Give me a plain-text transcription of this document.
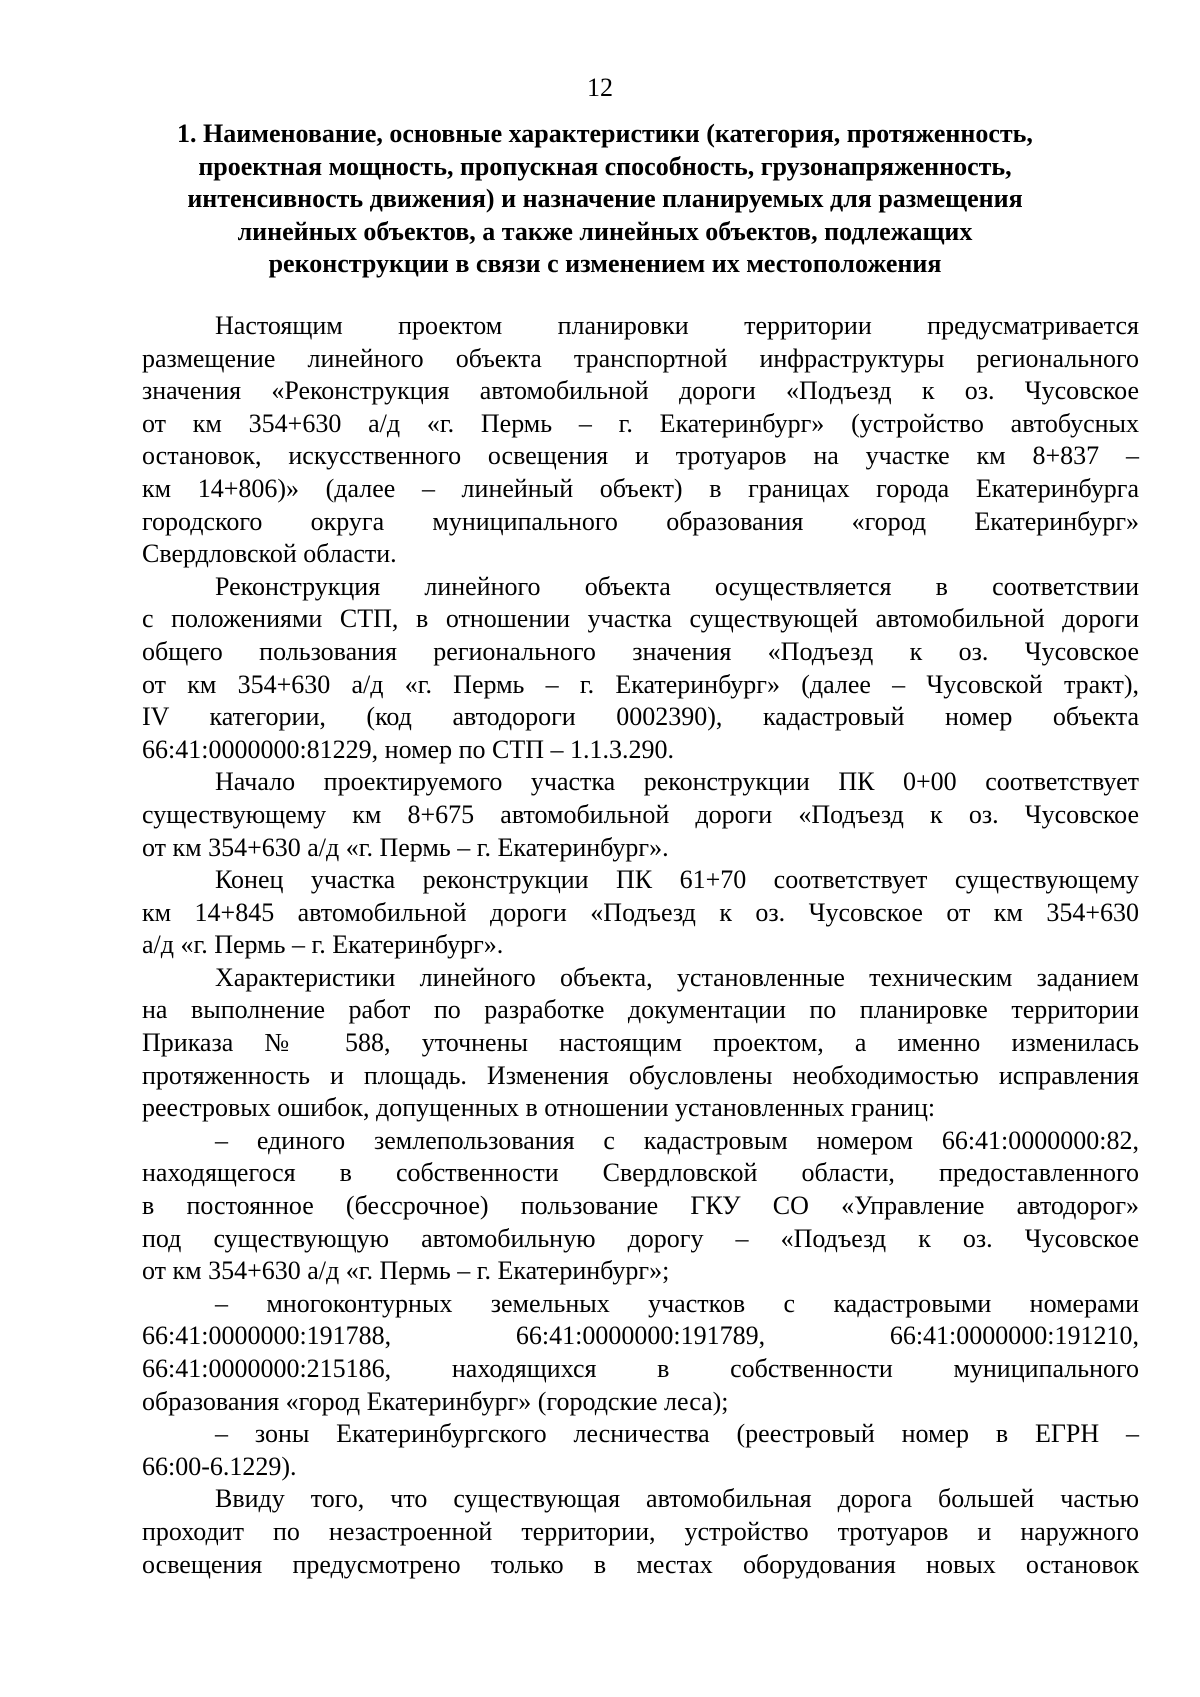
12
1. Наименование, основные характеристики (категория, протяженность,
проектная мощность, пропускная способность, грузонапряженность,
интенсивность движения) и назначение планируемых для размещения
линейных объектов, а также линейных объектов, подлежащих
реконструкции в связи с изменением их местоположения
Настоящим проектом планировки территории предусматривается
размещение линейного объекта транспортной инфраструктуры регионального
значения «Реконструкция автомобильной дороги «Подъезд к оз. Чусовское
от км 354+630 а/д «г. Пермь – г. Екатеринбург» (устройство автобусных
остановок, искусственного освещения и тротуаров на участке км 8+837 –
км 14+806)» (далее – линейный объект) в границах города Екатеринбурга
городского округа муниципального образования «город Екатеринбург»
Свердловской области.
Реконструкция линейного объекта осуществляется в соответствии
с положениями СТП, в отношении участка существующей автомобильной дороги
общего пользования регионального значения «Подъезд к оз. Чусовское
от км 354+630 а/д «г. Пермь – г. Екатеринбург» (далее – Чусовской тракт),
IV категории, (код автодороги 0002390), кадастровый номер объекта
66:41:0000000:81229, номер по СТП – 1.1.3.290.
Начало проектируемого участка реконструкции ПК 0+00 соответствует
существующему км 8+675 автомобильной дороги «Подъезд к оз. Чусовское
от км 354+630 а/д «г. Пермь – г. Екатеринбург».
Конец участка реконструкции ПК 61+70 соответствует существующему
км 14+845 автомобильной дороги «Подъезд к оз. Чусовское от км 354+630
а/д «г. Пермь – г. Екатеринбург».
Характеристики линейного объекта, установленные техническим заданием
на выполнение работ по разработке документации по планировке территории
Приказа № 588, уточнены настоящим проектом, а именно изменилась
протяженность и площадь. Изменения обусловлены необходимостью исправления
реестровых ошибок, допущенных в отношении установленных границ:
– единого землепользования с кадастровым номером 66:41:0000000:82,
находящегося в собственности Свердловской области, предоставленного
в постоянное (бессрочное) пользование ГКУ СО «Управление автодорог»
под существующую автомобильную дорогу – «Подъезд к оз. Чусовское
от км 354+630 а/д «г. Пермь – г. Екатеринбург»;
– многоконтурных земельных участков с кадастровыми номерами
66:41:0000000:191788, 66:41:0000000:191789, 66:41:0000000:191210,
66:41:0000000:215186, находящихся в собственности муниципального
образования «город Екатеринбург» (городские леса);
– зоны Екатеринбургского лесничества (реестровый номер в ЕГРН –
66:00-6.1229).
Ввиду того, что существующая автомобильная дорога большей частью
проходит по незастроенной территории, устройство тротуаров и наружного
освещения предусмотрено только в местах оборудования новых остановок
